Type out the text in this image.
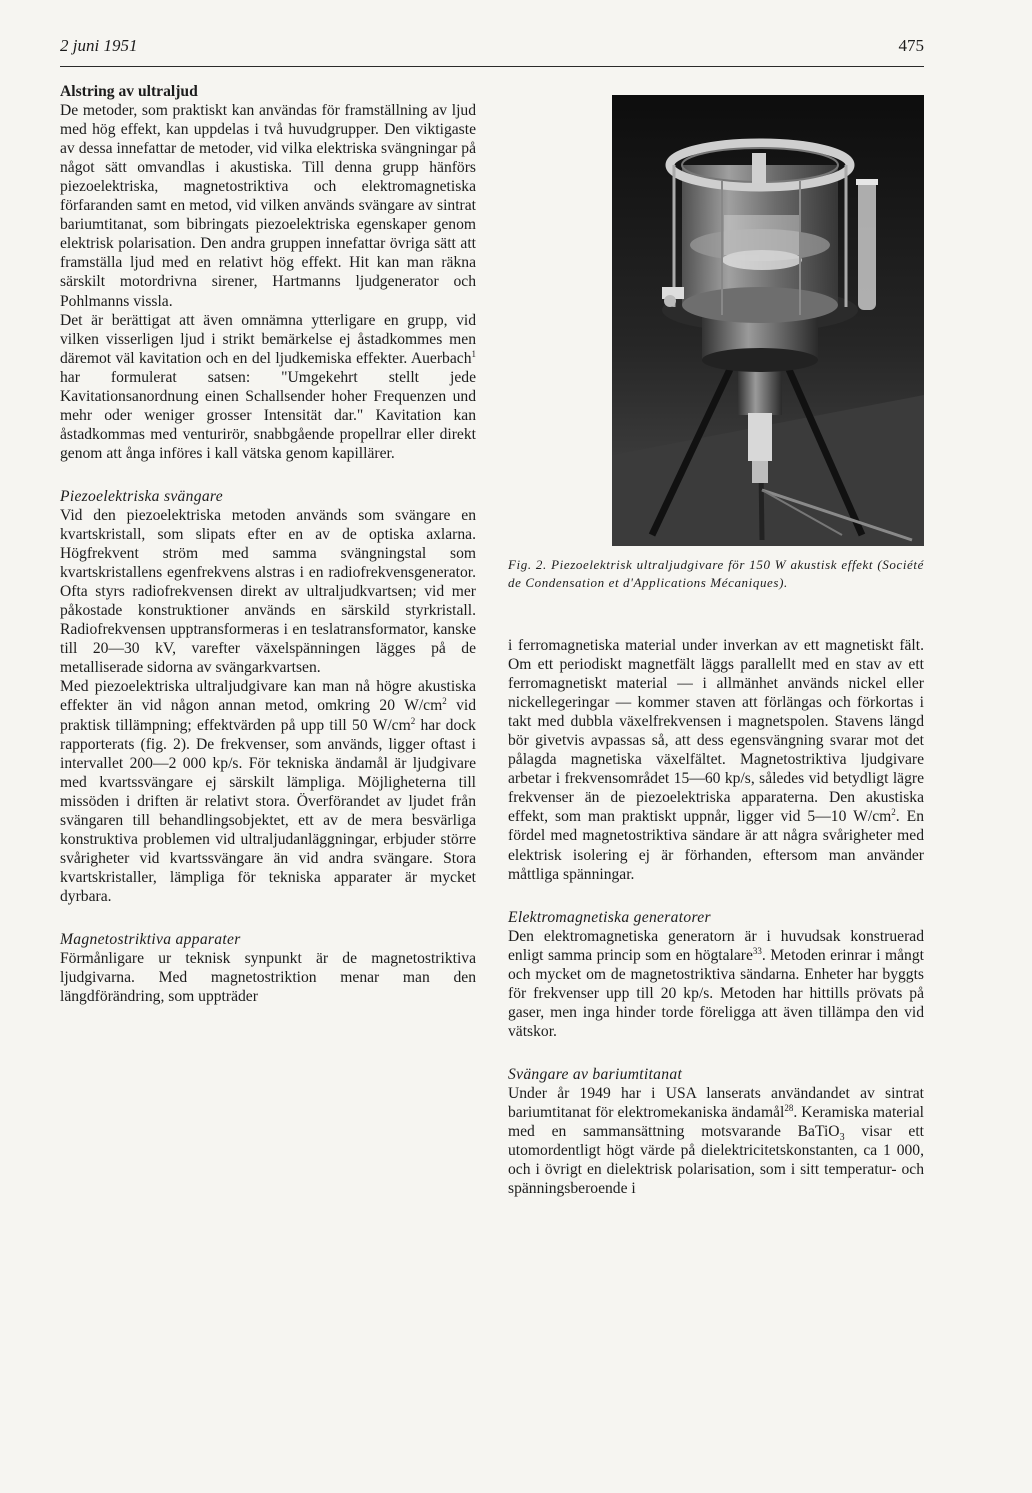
2 juni 1951	475
Alstring av ultraljud

De metoder, som praktiskt kan användas för framställning av ljud med hög effekt, kan uppdelas i två huvudgrupper. Den viktigaste av dessa innefattar de metoder, vid vilka elektriska svängningar på något sätt omvandlas i akustiska. Till denna grupp hänförs piezoelektriska, magnetostriktiva och elektromagnetiska förfaranden samt en metod, vid vilken används svängare av sintrat bariumtitanat, som bibringats piezoelektriska egenskaper genom elektrisk polarisation. Den andra gruppen innefattar övriga sätt att framställa ljud med en relativt hög effekt. Hit kan man räkna särskilt motordrivna sirener, Hartmanns ljudgenerator och Pohlmanns vissla.

Det är berättigat att även omnämna ytterligare en grupp, vid vilken visserligen ljud i strikt bemärkelse ej åstadkommes men däremot väl kavitation och en del ljudkemiska effekter. Auerbach$^1$ har formulerat satsen: "Umgekehrt stellt jede Kavitationsanordnung einen Schallsender hoher Frequenzen und mehr oder weniger grosser Intensität dar." Kavitation kan åstadkommas med venturirör, snabbgående propellrar eller direkt genom att ånga införes i kall vätska genom kapillärer.

Piezoelektriska svängare

Vid den piezoelektriska metoden används som svängare en kvartskristall, som slipats efter en av de optiska axlarna. Högfrekvent ström med samma svängningstal som kvartskristallens egenfrekvens alstras i en radiofrekvensgenerator. Ofta styrs radiofrekvensen direkt av ultraljudkvartsen; vid mer påkostade konstruktioner används en särskild styrkristall. Radiofrekvensen upptransformeras i en teslatransformator, kanske till 20—30 kV, varefter växelspänningen lägges på de metalliserade sidorna av svängarkvartsen.

Med piezoelektriska ultraljudgivare kan man nå högre akustiska effekter än vid någon annan metod, omkring 20 $W/cm^2$ vid praktisk tillämpning; effektvärden på upp till 50 $W/cm^2$ har dock rapporterats (fig. 2). De frekvenser, som används, ligger oftast i intervallet 200—2 000 kp/s. För tekniska ändamål är ljudgivare med kvartssvängare ej särskilt lämpliga. Möjligheterna till missöden i driften är relativt stora. Överförandet av ljudet från svängaren till behandlingsobjektet, ett av de mera besvärliga konstruktiva problemen vid ultraljudanläggningar, erbjuder större svårigheter vid kvartssvängare än vid andra svängare. Stora kvartskristaller, lämpliga för tekniska apparater är mycket dyrbara.

Magnetostriktiva apparater

Förmånligare ur teknisk synpunkt är de magnetostriktiva ljudgivarna. Med magnetostriktion menar man den längdförändring, som uppträder

Fig. 2. Piezoelektrisk ultraljudgivare för 150 W akustisk effekt (Société de Condensation et d'Applications Mécaniques).

i ferromagnetiska material under inverkan av ett magnetiskt fält. Om ett periodiskt magnetfält läggs parallellt med en stav av ett ferromagnetiskt material — i allmänhet används nickel eller nickellegeringar — kommer staven att förlängas och förkortas i takt med dubbla växelfrekvensen i magnetspolen. Stavens längd bör givetvis avpassas så, att dess egensvängning svarar mot det pålagda magnetiska växelfältet. Magnetostriktiva ljudgivare arbetar i frekvensområdet 15—60 kp/s, således vid betydligt lägre frekvenser än de piezoelektriska apparaterna. Den akustiska effekt, som man praktiskt uppnår, ligger vid 5—10 $W/cm^2$. En fördel med magnetostriktiva sändare är att några svårigheter med elektrisk isolering ej är förhanden, eftersom man använder måttliga spänningar.

Elektromagnetiska generatorer

Den elektromagnetiska generatorn är i huvudsak konstruerad enligt samma princip som en högtalare$^{33}$. Metoden erinrar i mångt och mycket om de magnetostriktiva sändarna. Enheter har byggts för frekvenser upp till 20 kp/s. Metoden har hittills prövats på gaser, men inga hinder torde föreligga att även tillämpa den vid vätskor.

Svängare av bariumtitanat

Under år 1949 har i USA lanserats användandet av sintrat bariumtitanat för elektromekaniska ändamål$^{28}$. Keramiska material med en sammansättning motsvarande BaTiO$_3$ visar ett utomordentligt högt värde på dielektricitetskonstanten, ca 1 000, och i övrigt en dielektrisk polarisation, som i sitt temperatur- och spänningsberoende i
